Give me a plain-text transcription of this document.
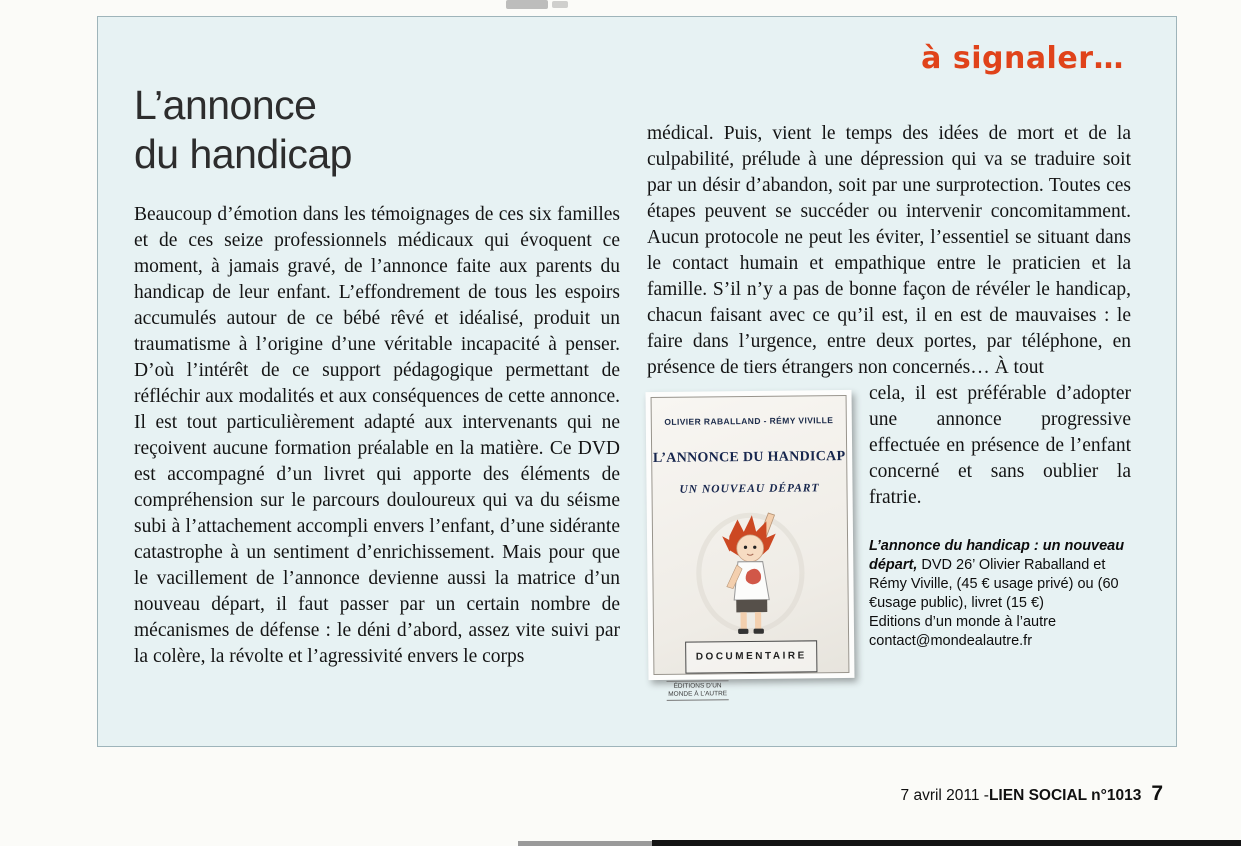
à signaler…
L’annonce
du handicap
Beaucoup d’émotion dans les témoignages de ces six familles et de ces seize professionnels médicaux qui évoquent ce moment, à jamais gravé, de l’annonce faite aux parents du handicap de leur enfant. L’effondrement de tous les espoirs accumulés autour de ce bébé rêvé et idéalisé, produit un traumatisme à l’origine d’une véritable incapacité à penser. D’où l’intérêt de ce support pédagogique permettant de réfléchir aux modalités et aux conséquences de cette annonce. Il est tout particulièrement adapté aux intervenants qui ne reçoivent aucune formation préalable en la matière. Ce DVD est accompagné d’un livret qui apporte des éléments de compréhension sur le parcours douloureux qui va du séisme subi à l’attachement accompli envers l’enfant, d’une sidérante catastrophe à un sentiment d’enrichissement. Mais pour que le vacillement de l’annonce devienne aussi la matrice d’un nouveau départ, il faut passer par un certain nombre de mécanismes de défense : le déni d’abord, assez vite suivi par la colère, la révolte et l’agressivité envers le corps
médical. Puis, vient le temps des idées de mort et de la culpabilité, prélude à une dépression qui va se traduire soit par un désir d’abandon, soit par une surprotection. Toutes ces étapes peuvent se succéder ou intervenir concomitamment. Aucun protocole ne peut les éviter, l’essentiel se situant dans le contact humain et empathique entre le praticien et la famille. S’il n’y a pas de bonne façon de révéler le handicap, chacun faisant avec ce qu’il est, il en est de mauvaises : le faire dans l’urgence, entre deux portes, par téléphone, en présence de tiers étrangers non concernés… À tout
OLIVIER RABALLAND - RÉMY VIVILLE
L’ANNONCE DU HANDICAP
UN NOUVEAU DÉPART
DOCUMENTAIRE
ÉDITIONS D’UN MONDE À L’AUTRE
cela, il est préférable d’adopter une annonce progressive effectuée en présence de l’enfant concerné et sans oublier la fratrie.
L’annonce du handicap : un nouveau départ, DVD 26’ Olivier Raballand et Rémy Viville, (45 € usage privé) ou (60 €usage public), livret (15 €)
Editions d’un monde à l’autre
contact@mondealautre.fr
7 avril 2011 - LIEN SOCIAL n°1013 7
